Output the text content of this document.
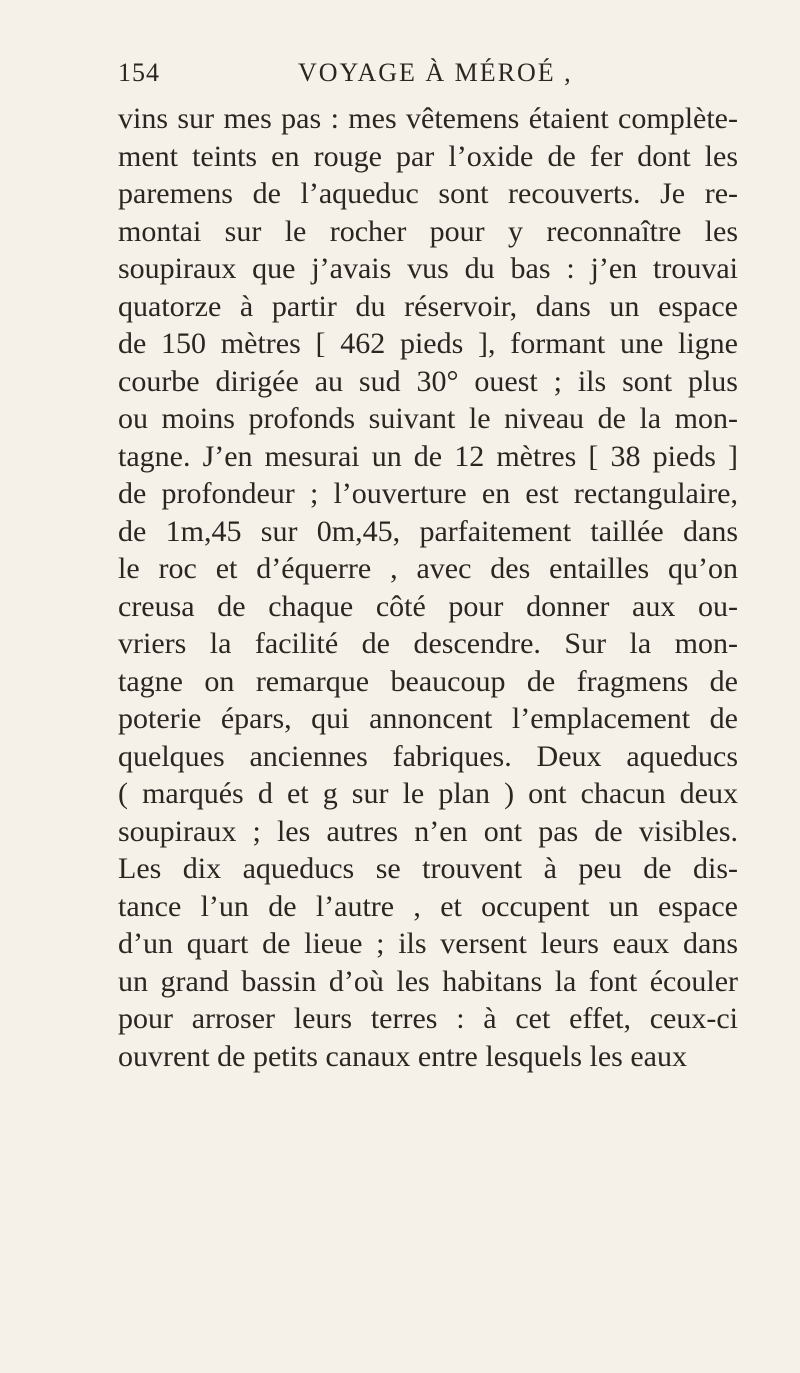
154	VOYAGE À MÉROÉ ,
vins sur mes pas : mes vêtemens étaient complète-
ment teints en rouge par l’oxide de fer dont les
paremens de l’aqueduc sont recouverts. Je re-
montai sur le rocher pour y reconnaître les
soupiraux que j’avais vus du bas : j’en trouvai
quatorze à partir du réservoir, dans un espace
de 150 mètres [ 462 pieds ], formant une ligne
courbe dirigée au sud 30° ouest ; ils sont plus
ou moins profonds suivant le niveau de la mon-
tagne. J’en mesurai un de 12 mètres [ 38 pieds ]
de profondeur ; l’ouverture en est rectangulaire,
de 1m,45 sur 0m,45, parfaitement taillée dans
le roc et d’équerre , avec des entailles qu’on
creusa de chaque côté pour donner aux ou-
vriers la facilité de descendre. Sur la mon-
tagne on remarque beaucoup de fragmens de
poterie épars, qui annoncent l’emplacement de
quelques anciennes fabriques. Deux aqueducs
( marqués d et g sur le plan ) ont chacun deux
soupiraux ; les autres n’en ont pas de visibles.
Les dix aqueducs se trouvent à peu de dis-
tance l’un de l’autre , et occupent un espace
d’un quart de lieue ; ils versent leurs eaux dans
un grand bassin d’où les habitans la font écouler
pour arroser leurs terres : à cet effet, ceux-ci
ouvrent de petits canaux entre lesquels les eaux
